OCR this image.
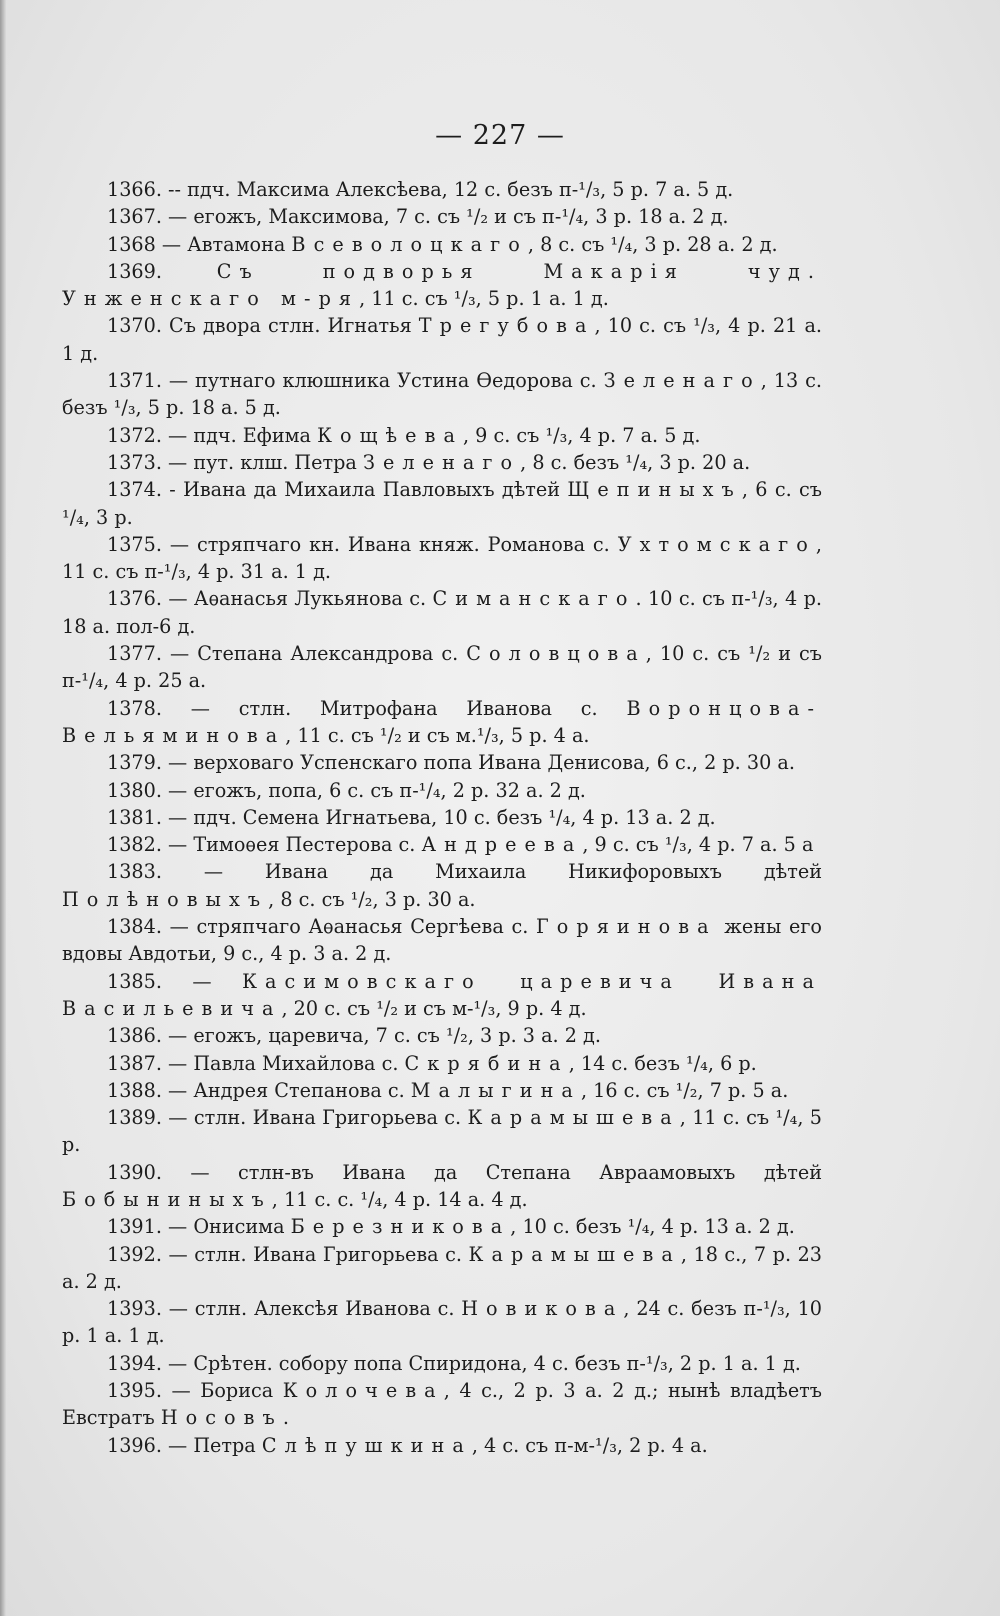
— 227 —

1366. -- пдч. Максима Алексѣева, 12 с. безъ п-¹/₃, 5 р. 7 а. 5 д.

1367. — егожъ, Максимова, 7 с. съ ¹/₂ и съ п-¹/₄, 3 р. 18 а. 2 д.

1368 — Автамона Всеволоцкаго, 8 с. съ ¹/₄, 3 р. 28 а. 2 д.

1369. Съ подворья Макарія чуд. Унженскаго м-ря, 11 с. съ ¹/₃, 5 р. 1 а. 1 д.

1370. Съ двора стлн. Игнатья Трегубова, 10 с. съ ¹/₃, 4 р. 21 а. 1 д.

1371. — путнаго клюшника Устина Ѳедорова с. Зеленаго, 13 с. безъ ¹/₃, 5 р. 18 а. 5 д.

1372. — пдч. Ефима Кощѣева, 9 с. съ ¹/₃, 4 р. 7 а. 5 д.

1373. — пут. клш. Петра Зеленаго, 8 с. безъ ¹/₄, 3 р. 20 а.

1374. - Ивана да Михаила Павловыхъ дѣтей Щепиныхъ, 6 с. съ ¹/₄, 3 р.

1375. — стряпчаго кн. Ивана княж. Романова с. Ухтомскаго, 11 с. съ п-¹/₃, 4 р. 31 а. 1 д.

1376. — Аѳанасья Лукьянова с. Симанскаго. 10 с. съ п-¹/₃, 4 р. 18 а. пол-6 д.

1377. — Степана Александрова с. Соловцова, 10 с. съ ¹/₂ и съ п-¹/₄, 4 р. 25 а.

1378. — стлн. Митрофана Иванова с. Воронцова-Вельяминова, 11 с. съ ¹/₂ и съ м.¹/₃, 5 р. 4 а.

1379. — верховаго Успенскаго попа Ивана Денисова, 6 с., 2 р. 30 а.

1380. — егожъ, попа, 6 с. съ п-¹/₄, 2 р. 32 а. 2 д.

1381. — пдч. Семена Игнатьева, 10 с. безъ ¹/₄, 4 р. 13 а. 2 д.

1382. — Тимоѳея Пестерова с. Андреева, 9 с. съ ¹/₃, 4 р. 7 а. 5 а

1383. — Ивана да Михаила Никифоровыхъ дѣтей Полѣновыхъ, 8 с. съ ¹/₂, 3 р. 30 а.

1384. — стряпчаго Аѳанасья Сергѣева с. Горяинова жены его вдовы Авдотьи, 9 с., 4 р. 3 а. 2 д.

1385. — Касимовскаго царевича Ивана Васильевича, 20 с. съ ¹/₂ и съ м-¹/₃, 9 р. 4 д.

1386. — егожъ, царевича, 7 с. съ ¹/₂, 3 р. 3 а. 2 д.

1387. — Павла Михайлова с. Скрябина, 14 с. безъ ¹/₄, 6 р.

1388. — Андрея Степанова с. Малыгина, 16 с. съ ¹/₂, 7 р. 5 а.

1389. — стлн. Ивана Григорьева с. Карамышева, 11 с. съ ¹/₄, 5 р.

1390. — стлн-въ Ивана да Степана Авраамовыхъ дѣтей Бобыниныхъ, 11 с. с. ¹/₄, 4 р. 14 а. 4 д.

1391. — Онисима Березникова, 10 с. безъ ¹/₄, 4 р. 13 а. 2 д.

1392. — стлн. Ивана Григорьева с. Карамышева, 18 с., 7 р. 23 а. 2 д.

1393. — стлн. Алексѣя Иванова с. Новикова, 24 с. безъ п-¹/₃, 10 р. 1 а. 1 д.

1394. — Срѣтен. собору попа Спиридона, 4 с. безъ п-¹/₃, 2 р. 1 а. 1 д.

1395. — Бориса Колочева, 4 с., 2 р. 3 а. 2 д.; нынѣ владѣетъ Евстратъ Носовъ.

1396. — Петра Слѣпушкина, 4 с. съ п-м-¹/₃, 2 р. 4 а.
